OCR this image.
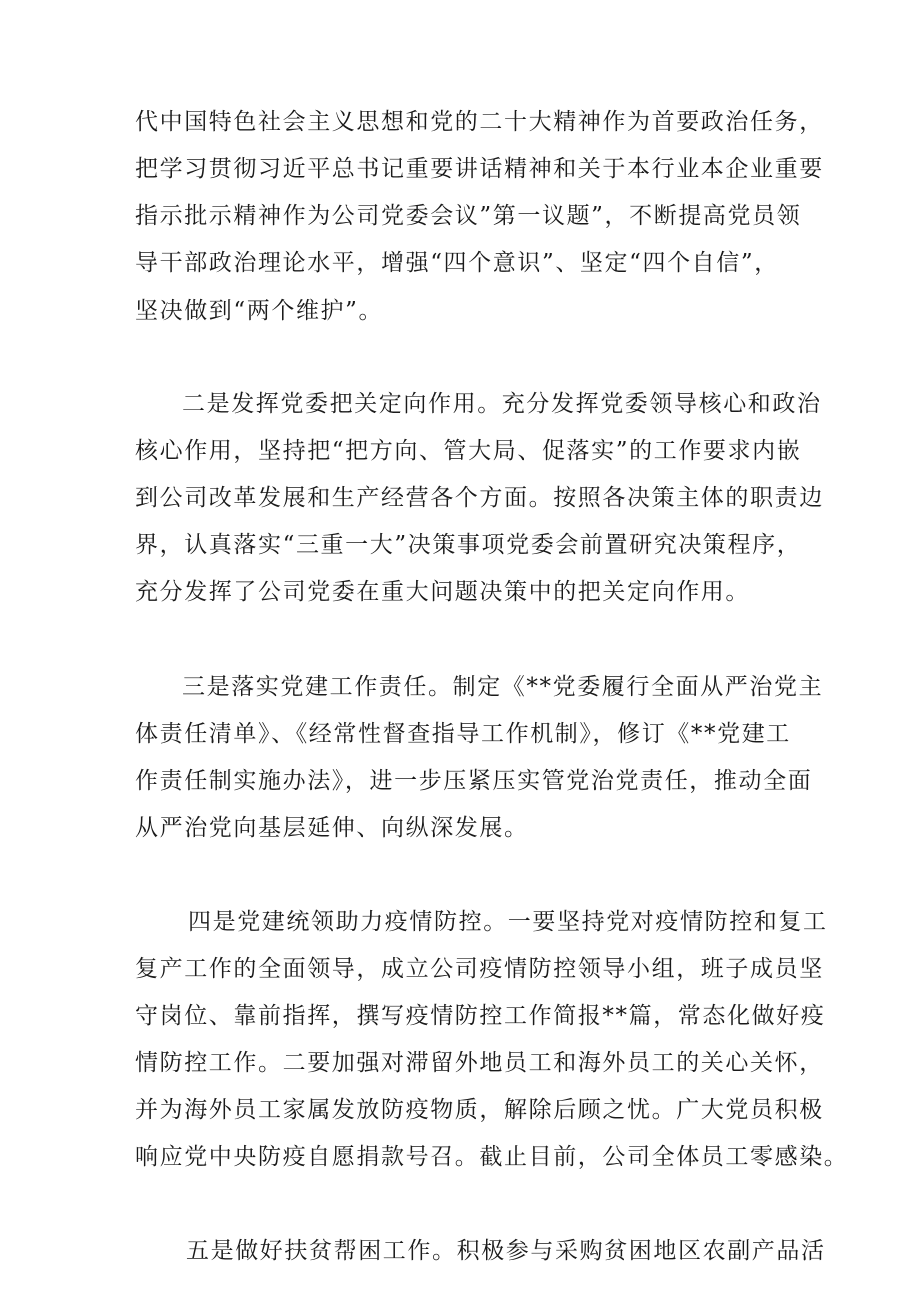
代中国特色社会主义思想和党的二十大精神作为首要政治任务，
把学习贯彻习近平总书记重要讲话精神和关于本行业本企业重要
指示批示精神作为公司党委会议”第一议题”，不断提高党员领
导干部政治理论水平，增强“四个意识”、坚定“四个自信”，
坚决做到“两个维护”。
二是发挥党委把关定向作用。充分发挥党委领导核心和政治
核心作用，坚持把“把方向、管大局、促落实”的工作要求内嵌
到公司改革发展和生产经营各个方面。按照各决策主体的职责边
界，认真落实“三重一大”决策事项党委会前置研究决策程序，
充分发挥了公司党委在重大问题决策中的把关定向作用。
三是落实党建工作责任。制定《**党委履行全面从严治党主
体责任清单》、《经常性督查指导工作机制》，修订《**党建工
作责任制实施办法》，进一步压紧压实管党治党责任，推动全面
从严治党向基层延伸、向纵深发展。
四是党建统领助力疫情防控。一要坚持党对疫情防控和复工
复产工作的全面领导，成立公司疫情防控领导小组，班子成员坚
守岗位、靠前指挥，撰写疫情防控工作简报**篇，常态化做好疫
情防控工作。二要加强对滞留外地员工和海外员工的关心关怀，
并为海外员工家属发放防疫物质，解除后顾之忧。广大党员积极
响应党中央防疫自愿捐款号召。截止目前，公司全体员工零感染。
五是做好扶贫帮困工作。积极参与采购贫困地区农副产品活
